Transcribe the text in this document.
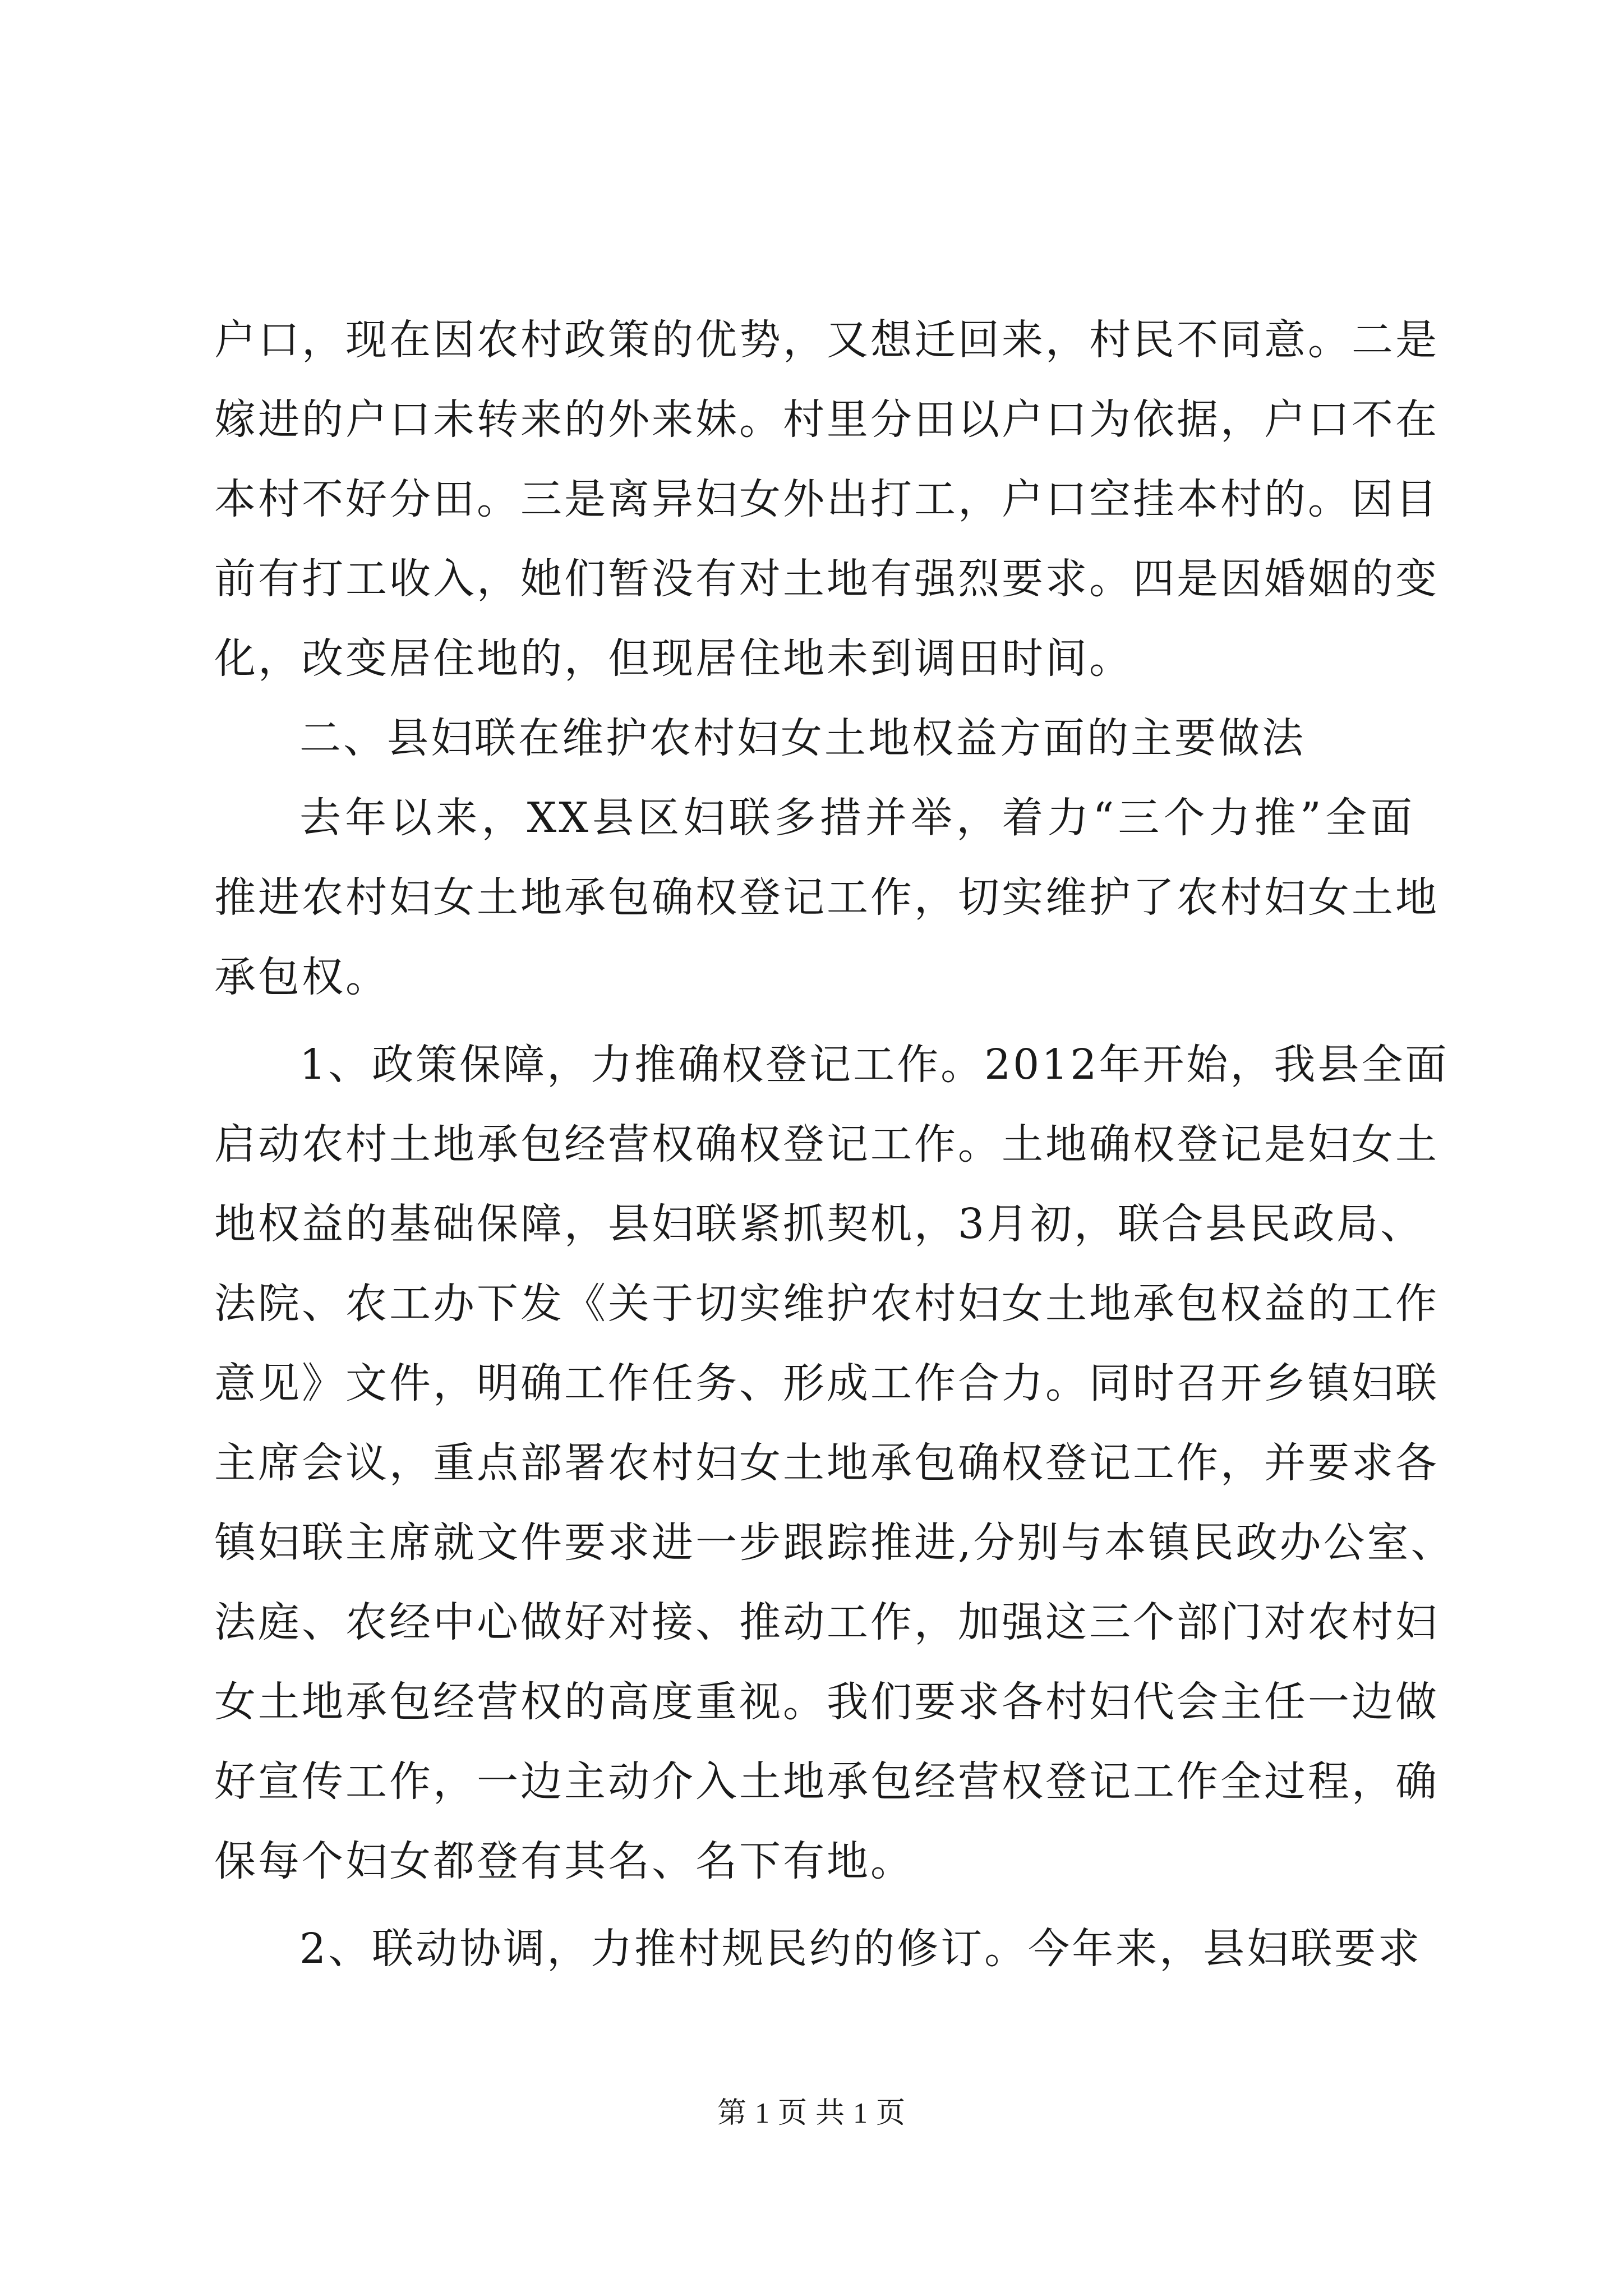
户口，现在因农村政策的优势，又想迁回来，村民不同意。二是
嫁进的户口未转来的外来妹。村里分田以户口为依据，户口不在
本村不好分田。三是离异妇女外出打工，户口空挂本村的。因目
前有打工收入，她们暂没有对土地有强烈要求。四是因婚姻的变
化，改变居住地的，但现居住地未到调田时间。
二、县妇联在维护农村妇女土地权益方面的主要做法
去年以来，XX县区妇联多措并举，着力“三个力推”全面
推进农村妇女土地承包确权登记工作，切实维护了农村妇女土地
承包权。
1、政策保障，力推确权登记工作。2012年开始，我县全面
启动农村土地承包经营权确权登记工作。土地确权登记是妇女土
地权益的基础保障，县妇联紧抓契机，3月初，联合县民政局、
法院、农工办下发《关于切实维护农村妇女土地承包权益的工作
意见》文件，明确工作任务、形成工作合力。同时召开乡镇妇联
主席会议，重点部署农村妇女土地承包确权登记工作，并要求各
镇妇联主席就文件要求进一步跟踪推进,分别与本镇民政办公室、
法庭、农经中心做好对接、推动工作，加强这三个部门对农村妇
女土地承包经营权的高度重视。我们要求各村妇代会主任一边做
好宣传工作，一边主动介入土地承包经营权登记工作全过程，确
保每个妇女都登有其名、名下有地。
2、联动协调，力推村规民约的修订。今年来，县妇联要求
第 1 页 共 1 页
